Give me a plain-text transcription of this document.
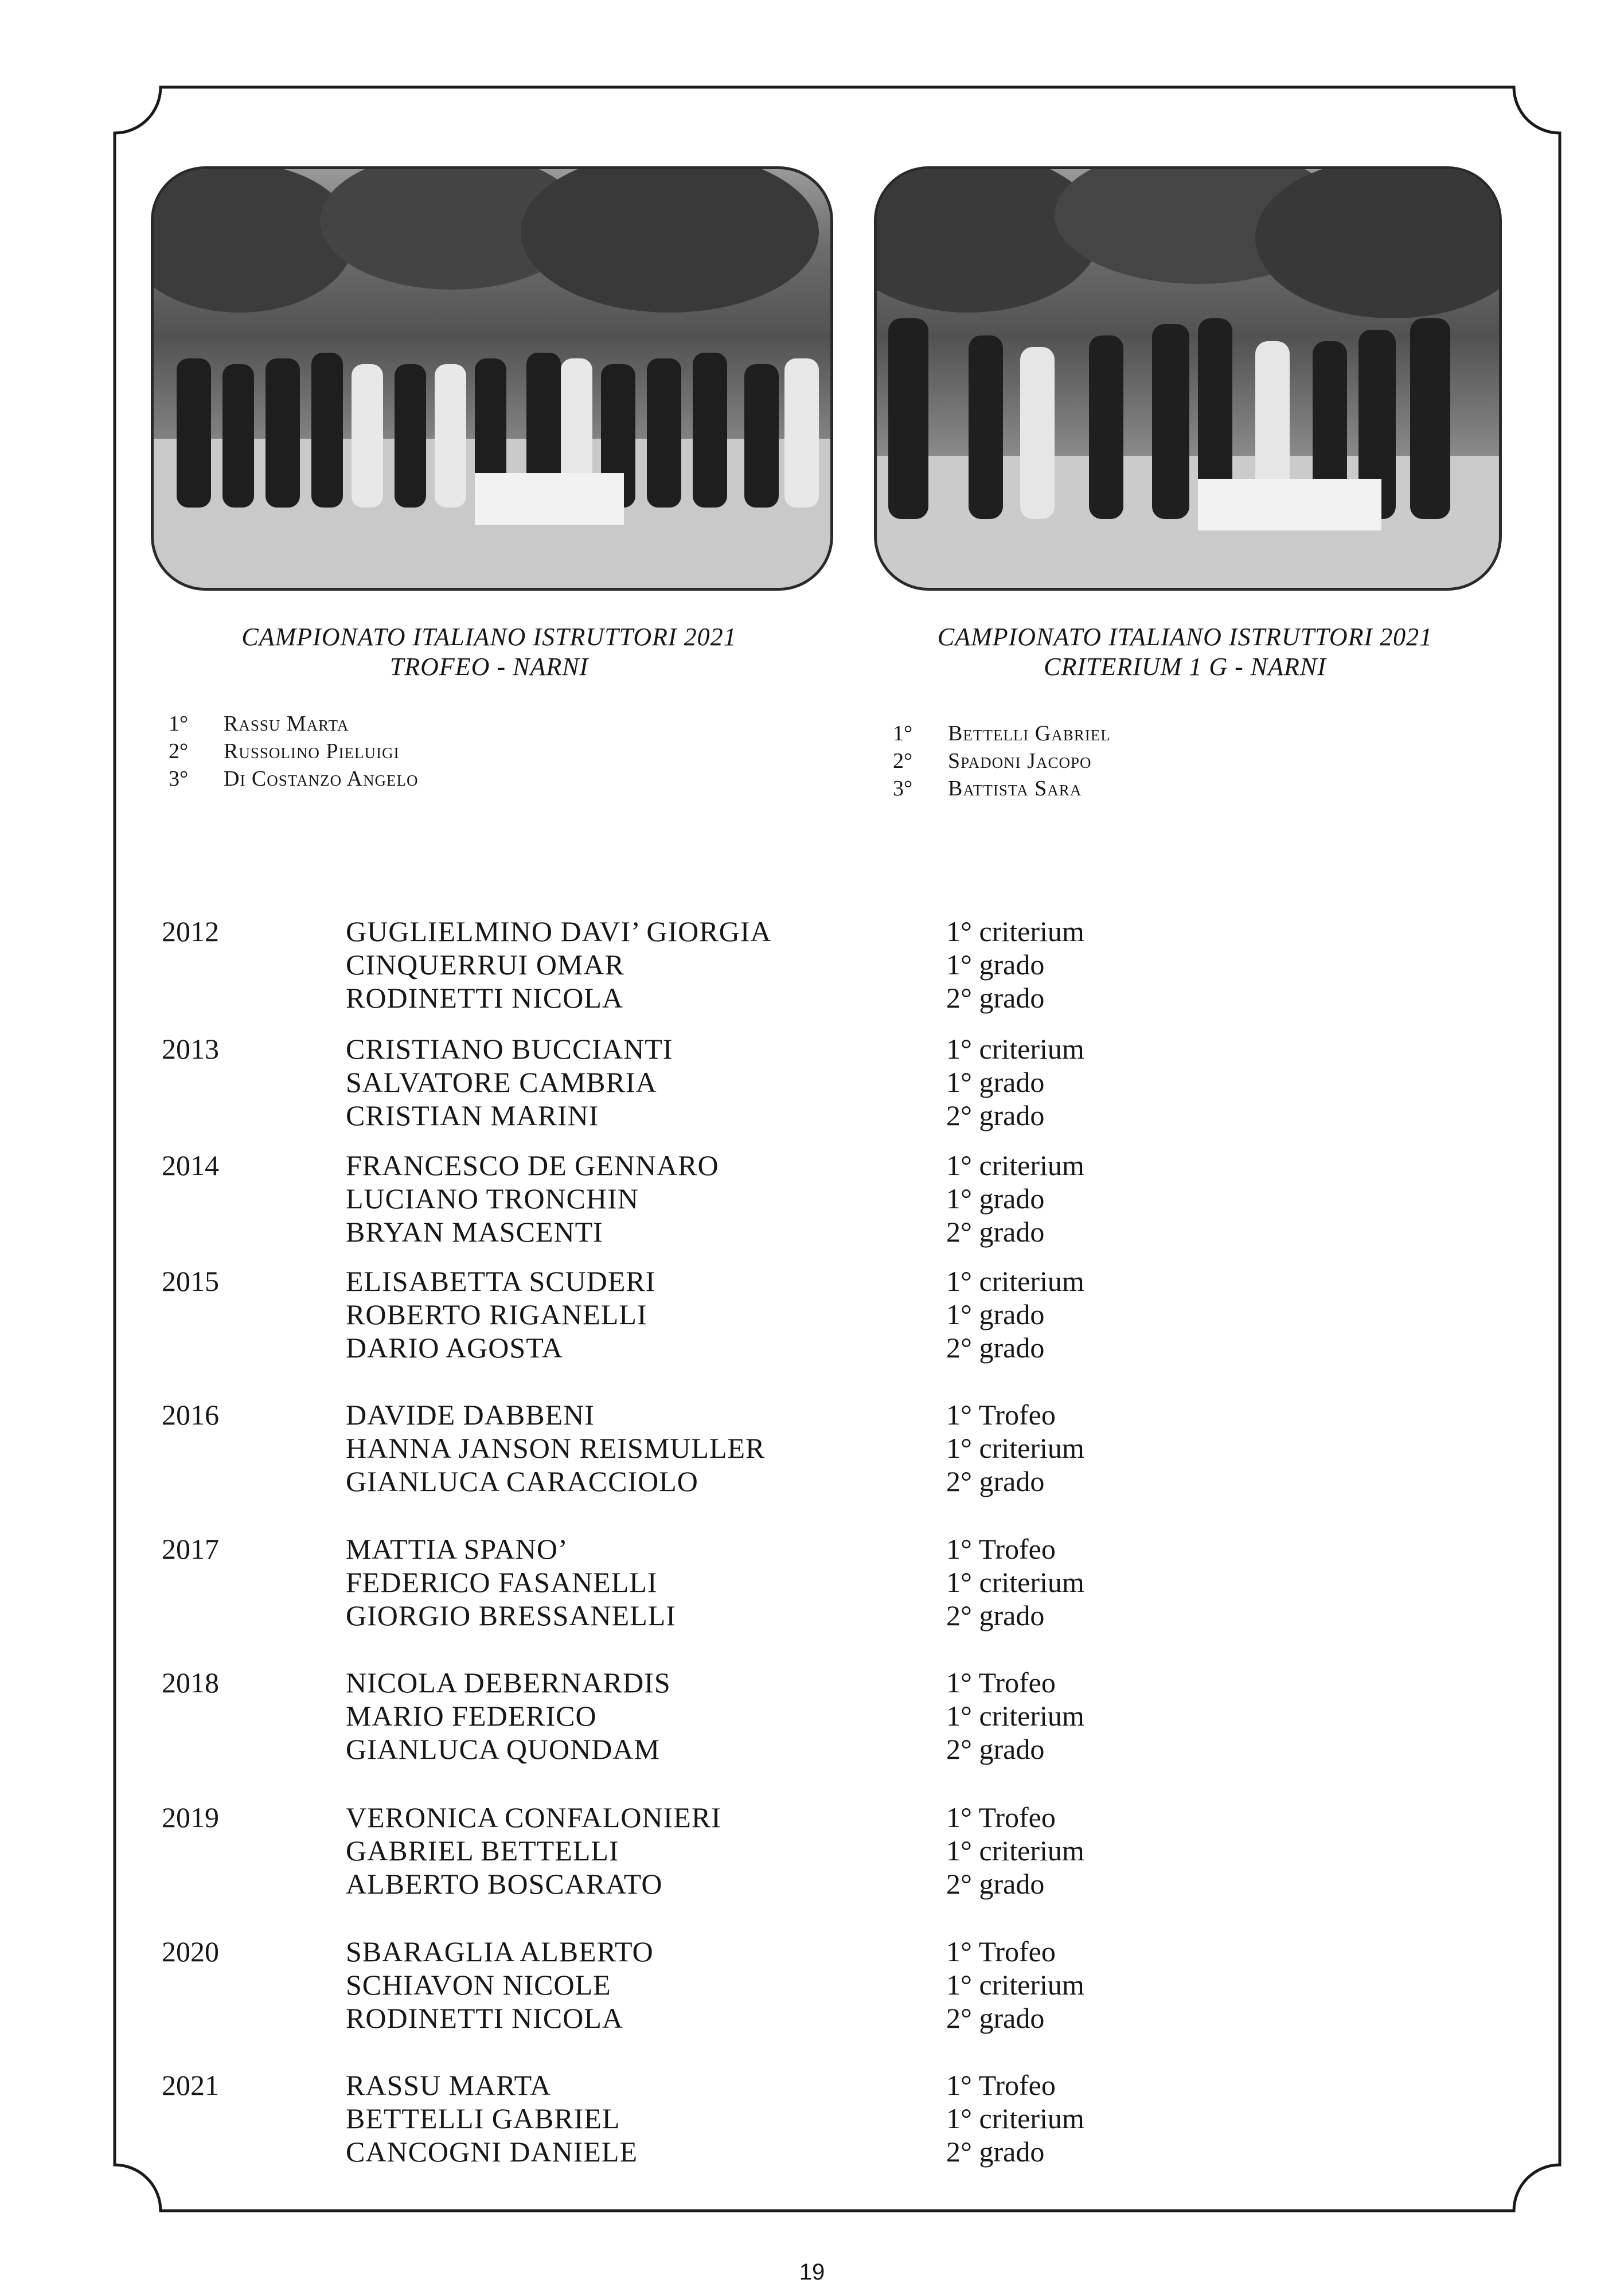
CAMPIONATO ITALIANO ISTRUTTORI 2021
TROFEO - NARNI
1°	Rassu Marta
2°	Russolino Pieluigi
3°	Di Costanzo Angelo
CAMPIONATO ITALIANO ISTRUTTORI 2021
CRITERIUM 1 G - NARNI
1°	Bettelli Gabriel
2°	Spadoni Jacopo
3°	Battista Sara
2012	GUGLIELMINO DAVI’ GIORGIA	1° criterium
CINQUERRUI OMAR	1° grado
RODINETTI NICOLA	2° grado
2013	CRISTIANO BUCCIANTI	1° criterium
SALVATORE CAMBRIA	1° grado
CRISTIAN MARINI	2° grado
2014	FRANCESCO DE GENNARO	1° criterium
LUCIANO TRONCHIN	1° grado
BRYAN MASCENTI	2° grado
2015	ELISABETTA SCUDERI	1° criterium
ROBERTO RIGANELLI	1° grado
DARIO AGOSTA	2° grado
2016	DAVIDE DABBENI	1° Trofeo
HANNA JANSON REISMULLER	1° criterium
GIANLUCA CARACCIOLO	2° grado
2017	MATTIA SPANO’	1° Trofeo
FEDERICO FASANELLI	1° criterium
GIORGIO BRESSANELLI	2° grado
2018	NICOLA DEBERNARDIS	1° Trofeo
MARIO FEDERICO	1° criterium
GIANLUCA QUONDAM	2° grado
2019	VERONICA CONFALONIERI	1° Trofeo
GABRIEL BETTELLI	1° criterium
ALBERTO BOSCARATO	2° grado
2020	SBARAGLIA ALBERTO	1° Trofeo
SCHIAVON NICOLE	1° criterium
RODINETTI NICOLA	2° grado
2021	RASSU MARTA	1° Trofeo
BETTELLI GABRIEL	1° criterium
CANCOGNI DANIELE	2° grado
19
